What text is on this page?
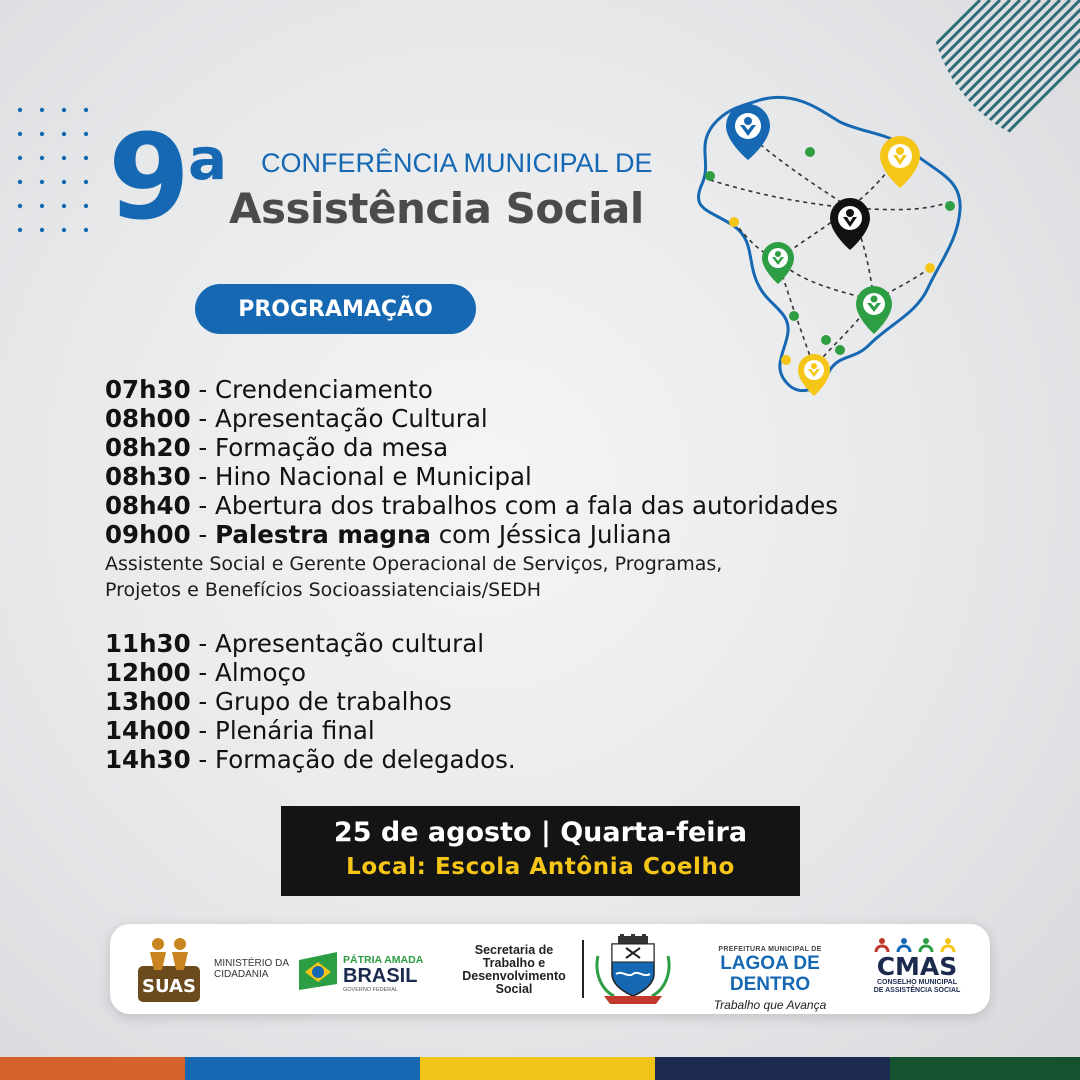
9 a CONFERÊNCIA MUNICIPAL DE
Assistência Social
PROGRAMAÇÃO
07h30 - Crendenciamento
08h00 - Apresentação Cultural
08h20 - Formação da mesa
08h30 - Hino Nacional e Municipal
08h40 - Abertura dos trabalhos com a fala das autoridades
09h00 - Palestra magna com Jéssica Juliana
Assistente Social e Gerente Operacional de Serviços, Programas,
Projetos e Benefícios Socioassiatenciais/SEDH
11h30 - Apresentação cultural
12h00 - Almoço
13h00 - Grupo de trabalhos
14h00 - Plenária final
14h30 - Formação de delegados.
25 de agosto | Quarta-feira
Local: Escola Antônia Coelho
SUAS
MINISTÉRIO DA
CIDADANIA
PÁTRIA AMADA
BRASIL
GOVERNO FEDERAL
Secretaria de
Trabalho e
Desenvolvimento
Social
PREFEITURA MUNICIPAL DE
LAGOA DE DENTRO
Trabalho que Avança
CMAS
CONSELHO MUNICIPAL
DE ASSISTÊNCIA SOCIAL
